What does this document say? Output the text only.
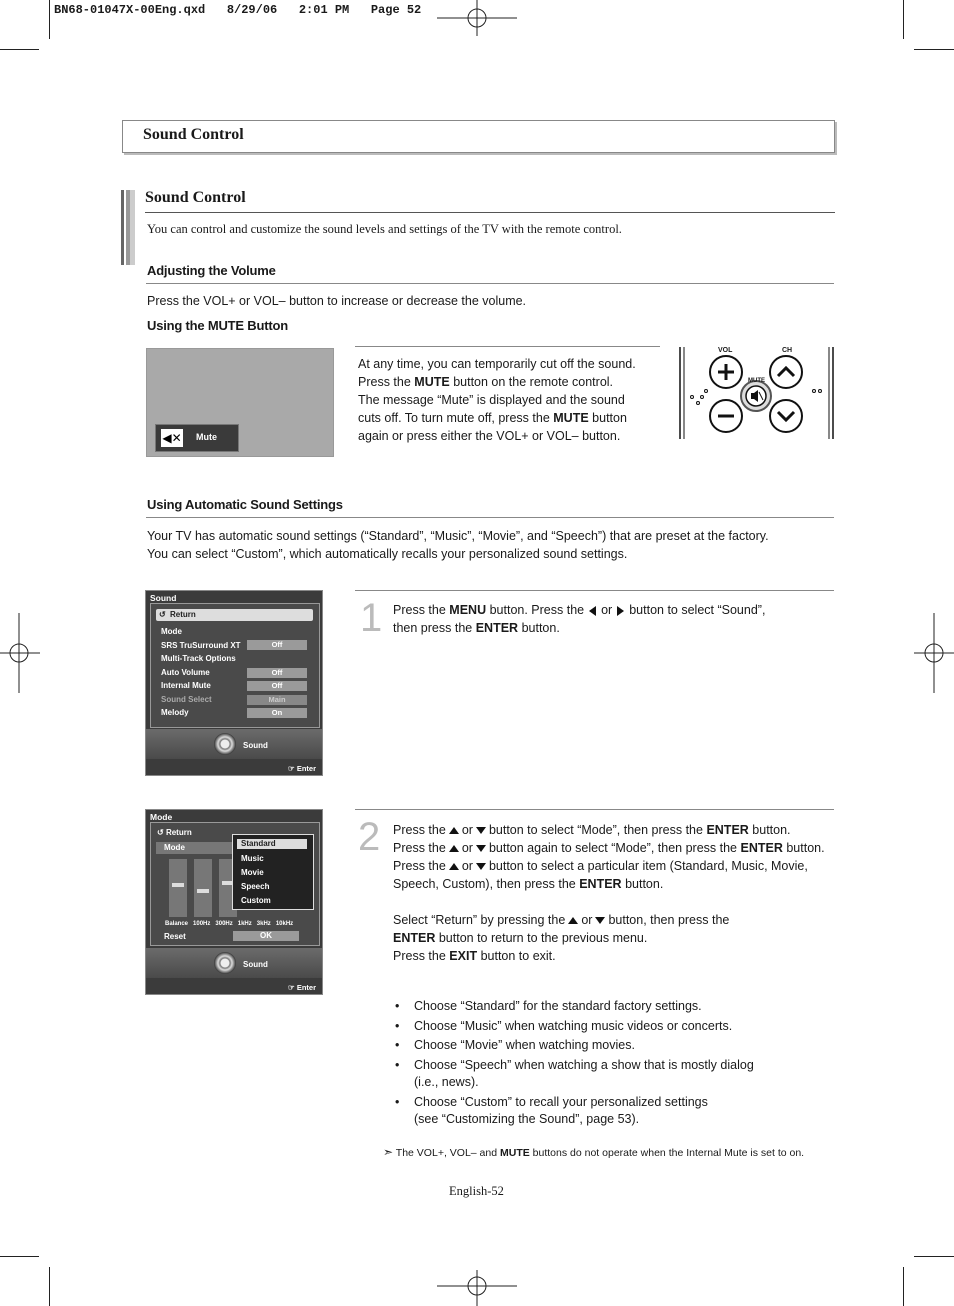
BN68-01047X-00Eng.qxd   8/29/06   2:01 PM   Page 52
Sound Control
Sound Control
You can control and customize the sound levels and settings of the TV with the remote control.
Adjusting the Volume
Press the VOL+ or VOL– button to increase or decrease the volume.
Using the MUTE Button
◀✕ Mute

At any time, you can temporarily cut off the sound.

Press the MUTE button on the remote control.

The message “Mute” is displayed and the sound

cuts off. To turn mute off, press the MUTE button

again or press either the VOL+ or VOL– button.

VOL	CH
MUTE
Using Automatic Sound Settings

Your TV has automatic sound settings (“Standard”, “Music”, “Movie”, and “Speech”) that are preset at the factory.

You can select “Custom”, which automatically recalls your personalized sound settings.

Sound
↺ Return
Mode
SRS TruSurround XT	Off
Multi-Track Options
Auto Volume	Off
Internal Mute	Off
Sound Select	Main
Melody	On
Sound
☞ Enter
1 Press the MENU button. Press the or button to select “Sound”,

then press the ENTER button.

Mode
↺ Return
Mode
Balance 100Hz 300Hz 1kHz 3kHz 10kHz
Reset	OK
Standard
Music
Movie
Speech
Custom
Sound
☞ Enter
2 Press the or button to select “Mode”, then press the ENTER button.

Press the or button again to select “Mode”, then press the ENTER button.

Press the or button to select a particular item (Standard, Music, Movie,

Speech, Custom), then press the ENTER button.

Select “Return” by pressing the or button, then press the

ENTER button to return to the previous menu.

Press the EXIT button to exit.

• Choose “Standard” for the standard factory settings.
• Choose “Music” when watching music videos or concerts.
• Choose “Movie” when watching movies.
• Choose “Speech” when watching a show that is mostly dialog
(i.e., news).
• Choose “Custom” to recall your personalized settings
(see “Customizing the Sound”, page 53).
➣ The VOL+, VOL– and MUTE buttons do not operate when the Internal Mute is set to on.
English-52
